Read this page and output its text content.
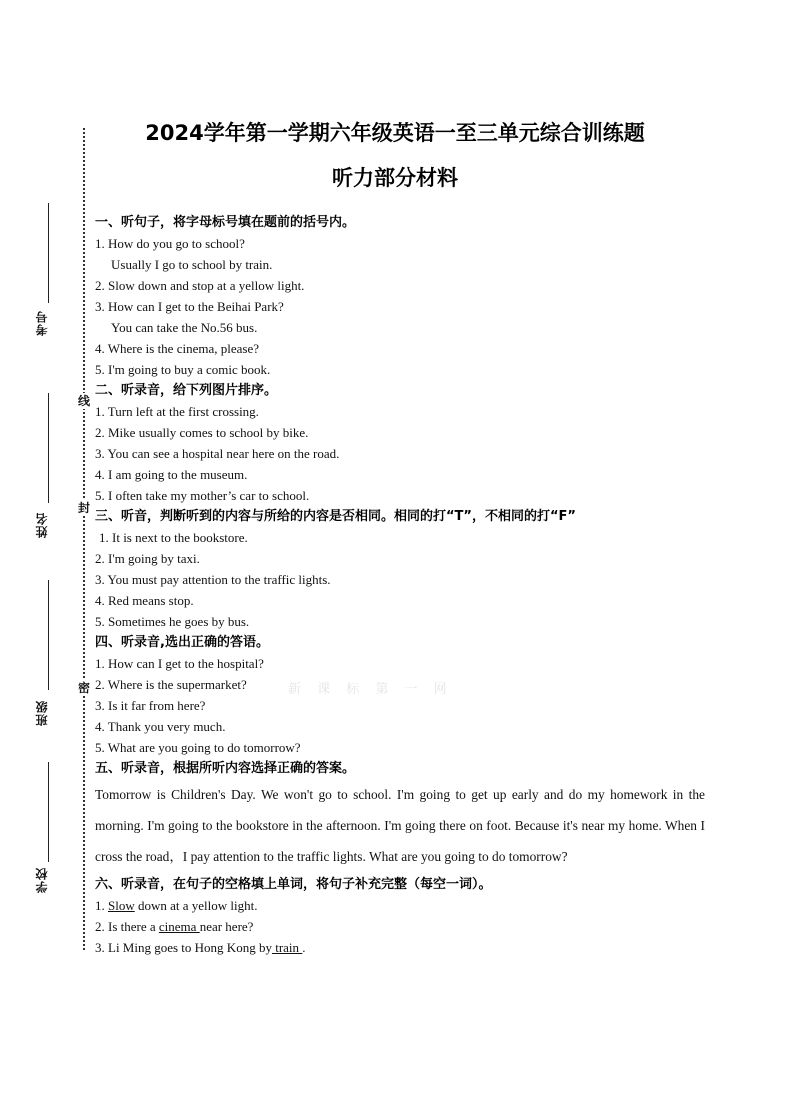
线
封
密
考号
姓名
班级
学校
2024学年第一学期六年级英语一至三单元综合训练题
听力部分材料
新 课 标 第 一 网
一、听句子，将字母标号填在题前的括号内。
1. How do you go to school?
Usually I go to school by train.
2. Slow down and stop at a yellow light.
3. How can I get to the Beihai Park?
You can take the No.56 bus.
4. Where is the cinema, please?
5. I'm going to buy a comic book.
二、听录音，给下列图片排序。
1. Turn left at the first crossing.
2. Mike usually comes to school by bike.
3. You can see a hospital near here on the road.
4. I am going to the museum.
5. I often take my mother’s car to school.
三、听音，判断听到的内容与所给的内容是否相同。相同的打“T”，不相同的打“F”
1. It is next to the bookstore.
2. I'm going by taxi.
3. You must pay attention to the traffic lights.
4. Red means stop.
5. Sometimes he goes by bus.
四、听录音,选出正确的答语。
1. How can I get to the hospital?
2. Where is the supermarket?
3. Is it far from here?
4. Thank you very much.
5. What are you going to do tomorrow?
五、听录音，根据所听内容选择正确的答案。
Tomorrow is Children's Day. We won't go to school. I'm going to get up early and do my homework in the morning. I'm going to the bookstore in the afternoon. I'm going there on foot. Because it's near my home. When I cross the road，I pay attention to the traffic lights. What are you going to do tomorrow?
六、听录音，在句子的空格填上单词，将句子补充完整（每空一词）。
1. Slow down at a yellow light.
2. Is there a cinema near here?
3. Li Ming goes to Hong Kong by train .
